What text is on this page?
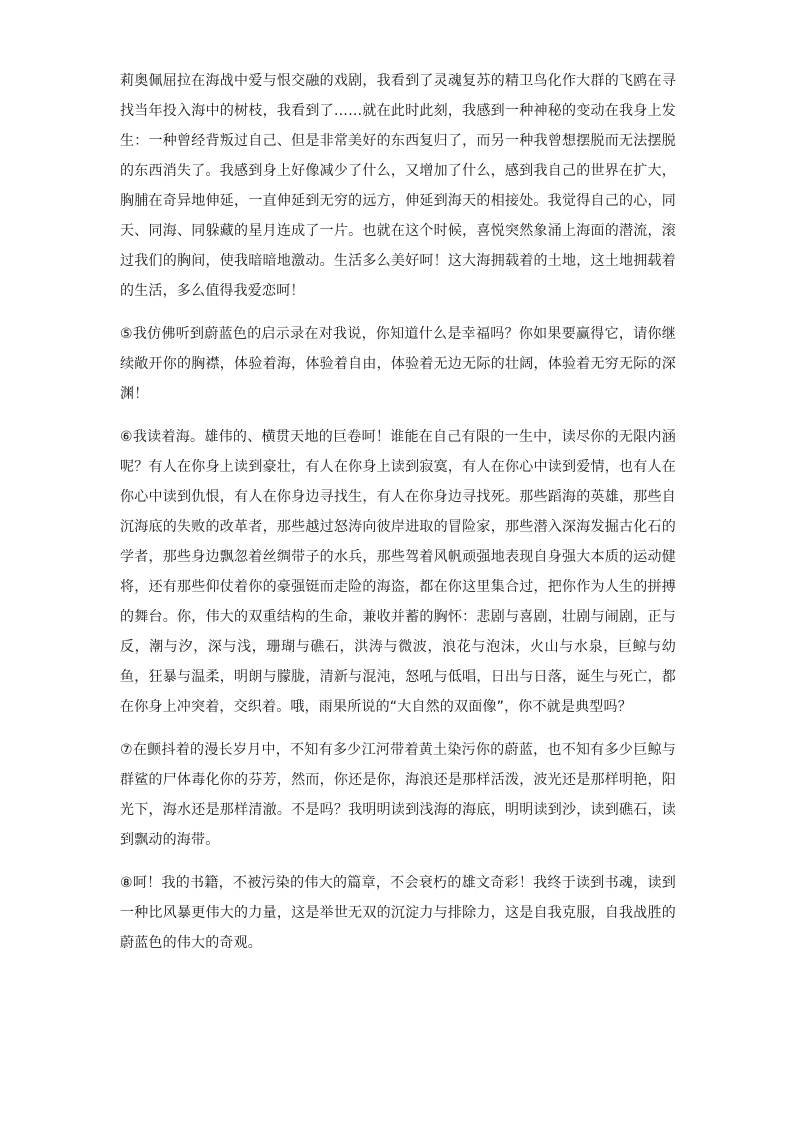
莉奥佩屈拉在海战中爱与恨交融的戏剧，我看到了灵魂复苏的精卫鸟化作大群的飞鸥在寻找当年投入海中的树枝，我看到了……就在此时此刻，我感到一种神秘的变动在我身上发生：一种曾经背叛过自己、但是非常美好的东西复归了，而另一种我曾想摆脱而无法摆脱的东西消失了。我感到身上好像减少了什么，又增加了什么，感到我自己的世界在扩大，胸脯在奇异地伸延，一直伸延到无穷的远方，伸延到海天的相接处。我觉得自己的心，同天、同海、同躲藏的星月连成了一片。也就在这个时候，喜悦突然象涌上海面的潜流，滚过我们的胸间，使我暗暗地激动。生活多么美好呵！这大海拥载着的土地，这土地拥载着的生活，多么值得我爱恋呵！

⑤我仿佛听到蔚蓝色的启示录在对我说，你知道什么是幸福吗？你如果要赢得它，请你继续敞开你的胸襟，体验着海，体验着自由，体验着无边无际的壮阔，体验着无穷无际的深渊！

⑥我读着海。雄伟的、横贯天地的巨卷呵！谁能在自己有限的一生中，读尽你的无限内涵呢？有人在你身上读到豪壮，有人在你身上读到寂寞，有人在你心中读到爱情，也有人在你心中读到仇恨，有人在你身边寻找生，有人在你身边寻找死。那些蹈海的英雄，那些自沉海底的失败的改革者，那些越过怒涛向彼岸进取的冒险家，那些潜入深海发掘古化石的学者，那些身边飘忽着丝绸带子的水兵，那些驾着风帆顽强地表现自身强大本质的运动健将，还有那些仰仗着你的豪强铤而走险的海盗，都在你这里集合过，把你作为人生的拼搏的舞台。你，伟大的双重结构的生命，兼收并蓄的胸怀：悲剧与喜剧，壮剧与闹剧，正与反，潮与汐，深与浅，珊瑚与礁石，洪涛与微波，浪花与泡沫，火山与水泉，巨鲸与幼鱼，狂暴与温柔，明朗与朦胧，清新与混沌，怒吼与低唱，日出与日落，诞生与死亡，都在你身上冲突着，交织着。哦，雨果所说的“大自然的双面像”，你不就是典型吗？

⑦在颤抖着的漫长岁月中，不知有多少江河带着黄土染污你的蔚蓝，也不知有多少巨鲸与群鲨的尸体毒化你的芬芳，然而，你还是你，海浪还是那样活泼，波光还是那样明艳，阳光下，海水还是那样清澈。不是吗？我明明读到浅海的海底，明明读到沙，读到礁石，读到飘动的海带。

⑧呵！我的书籍，不被污染的伟大的篇章，不会衰朽的雄文奇彩！我终于读到书魂，读到一种比风暴更伟大的力量，这是举世无双的沉淀力与排除力，这是自我克服，自我战胜的蔚蓝色的伟大的奇观。
